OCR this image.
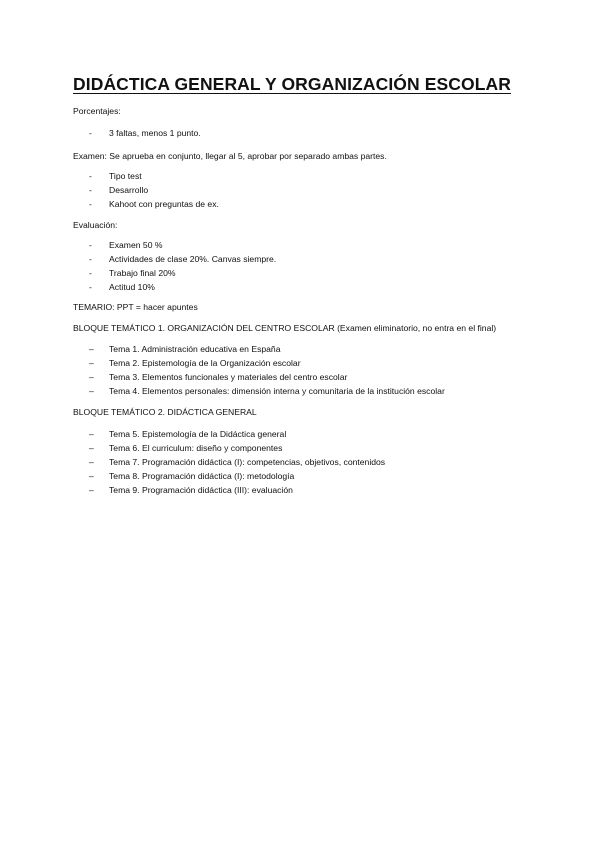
DIDÁCTICA GENERAL Y ORGANIZACIÓN ESCOLAR

Porcentajes:

- 3 faltas, menos 1 punto.

Examen: Se aprueba en conjunto, llegar al 5, aprobar por separado ambas partes.

- Tipo test
- Desarrollo
- Kahoot con preguntas de ex.

Evaluación:

- Examen 50 %
- Actividades de clase 20%. Canvas siempre.
- Trabajo final 20%
- Actitud 10%

TEMARIO: PPT = hacer apuntes

BLOQUE TEMÁTICO 1. ORGANIZACIÓN DEL CENTRO ESCOLAR (Examen eliminatorio, no entra en el final)

– Tema 1. Administración educativa en España
– Tema 2. Epistemología de la Organización escolar
– Tema 3. Elementos funcionales y materiales del centro escolar
– Tema 4. Elementos personales: dimensión interna y comunitaria de la institución escolar

BLOQUE TEMÁTICO 2. DIDÁCTICA GENERAL

– Tema 5. Epistemología de la Didáctica general
– Tema 6. El curriculum: diseño y componentes
– Tema 7. Programación didáctica (I): competencias, objetivos, contenidos
– Tema 8. Programación didáctica (I): metodología
– Tema 9. Programación didáctica (III): evaluación
